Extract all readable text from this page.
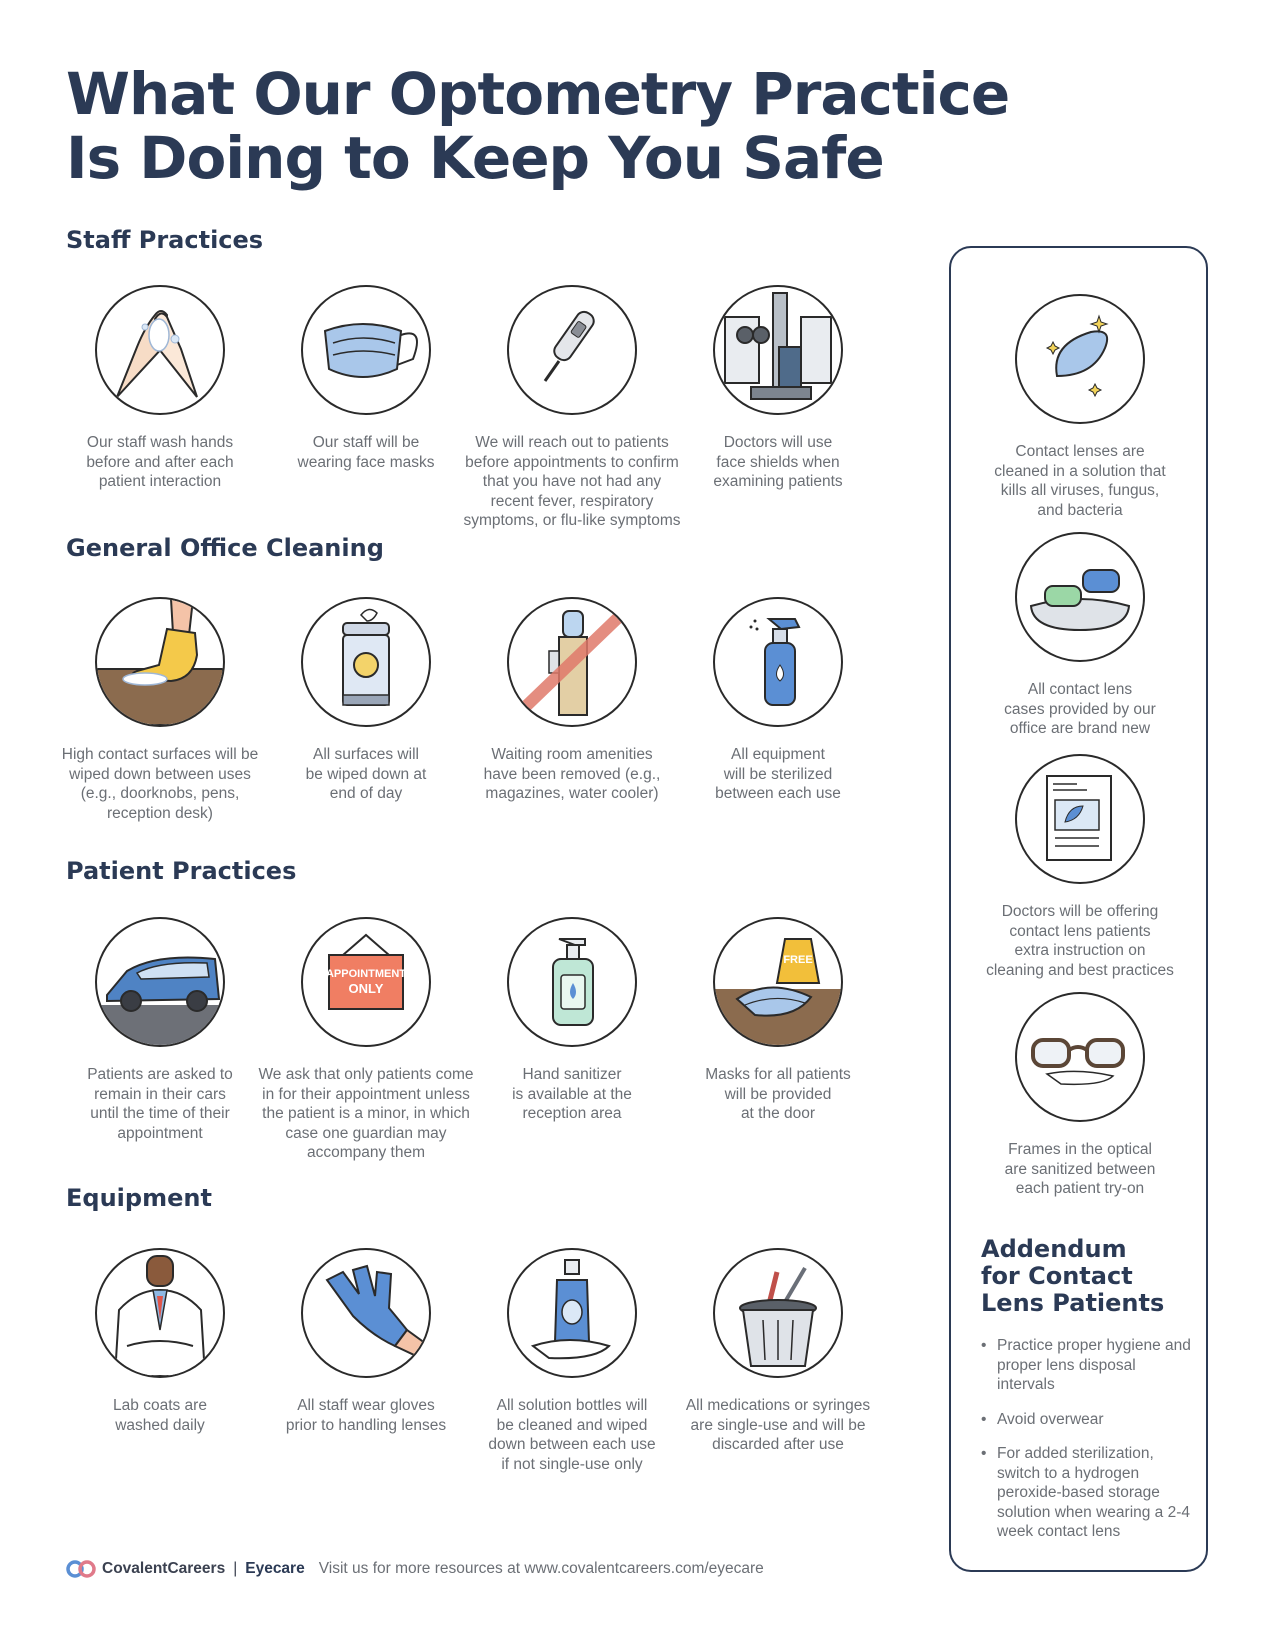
What Our Optometry Practice
Is Doing to Keep You Safe
Staff Practices
Our staff wash hands
before and after each
patient interaction
Our staff will be
wearing face masks
We will reach out to patients
before appointments to confirm
that you have not had any
recent fever, respiratory
symptoms, or flu-like symptoms
Doctors will use
face shields when
examining patients
General Office Cleaning
High contact surfaces will be
wiped down between uses
(e.g., doorknobs, pens,
reception desk)
All surfaces will
be wiped down at
end of day
Waiting room amenities
have been removed (e.g.,
magazines, water cooler)
All equipment
will be sterilized
between each use
Patient Practices
Patients are asked to
remain in their cars
until the time of their
appointment
APPOINTMENT
ONLY
We ask that only patients come
in for their appointment unless
the patient is a minor, in which
case one guardian may
accompany them
Hand sanitizer
is available at the
reception area
FREE
Masks for all patients
will be provided
at the door
Equipment
Lab coats are
washed daily
All staff wear gloves
prior to handling lenses
All solution bottles will
be cleaned and wiped
down between each use
if not single-use only
All medications or syringes
are single-use and will be
discarded after use
Contact lenses are
cleaned in a solution that
kills all viruses, fungus,
and bacteria
All contact lens
cases provided by our
office are brand new
Doctors will be offering
contact lens patients
extra instruction on
cleaning and best practices
Frames in the optical
are sanitized between
each patient try-on
Addendum
for Contact
Lens Patients
• Practice proper hygiene and proper lens disposal intervals
• Avoid overwear
• For added sterilization, switch to a hydrogen peroxide-based storage solution when wearing a 2-4 week contact lens
CovalentCareers | Eyecare Visit us for more resources at www.covalentcareers.com/eyecare
